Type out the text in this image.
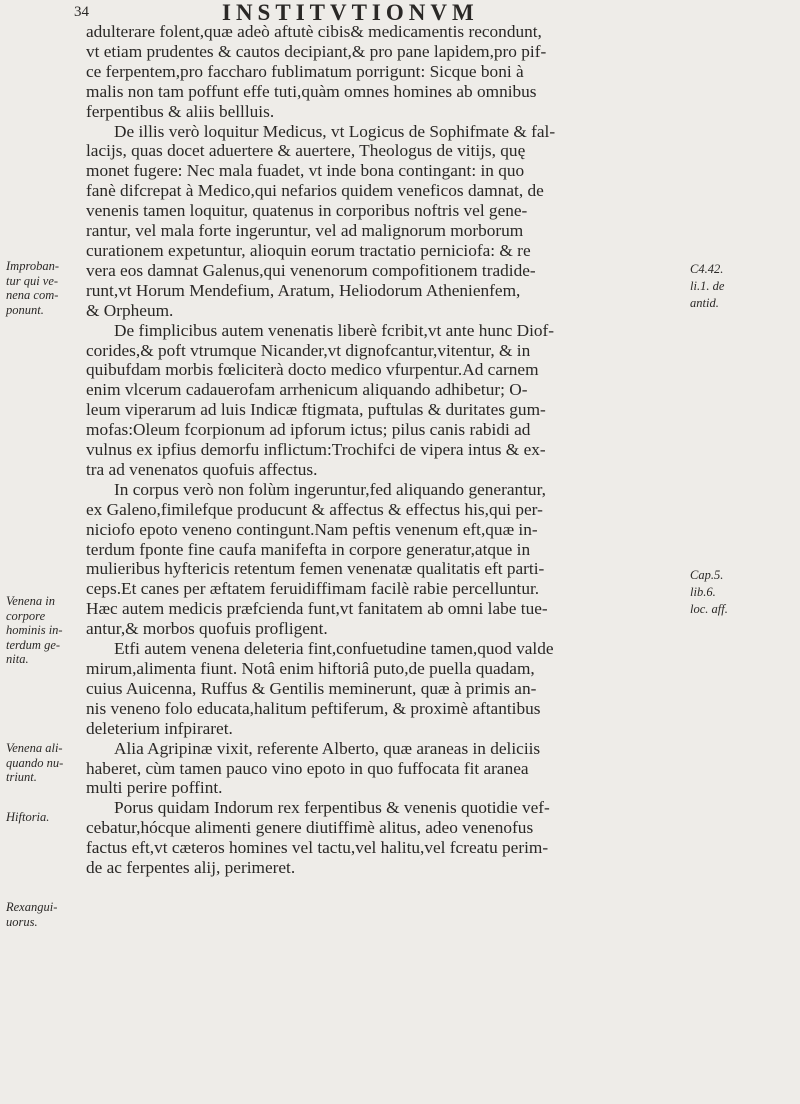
34	INSTITVTIONVM
adulterare folent,quæ adeò aftutè cibis& medicamentis recondunt,
vt etiam prudentes & cautos decipiant,& pro pane lapidem,pro pif-
ce ferpentem,pro faccharo fublimatum porrigunt: Sicque boni à
malis non tam poffunt effe tuti,quàm omnes homines ab omnibus
ferpentibus & aliis bellluis.
De illis verò loquitur Medicus, vt Logicus de Sophifmate & fal-
lacijs, quas docet aduertere & auertere, Theologus de vitijs, quę
monet fugere: Nec mala fuadet, vt inde bona contingant: in quo
fanè difcrepat à Medico,qui nefarios quidem veneficos damnat, de
venenis tamen loquitur, quatenus in corporibus noftris vel gene-
rantur, vel mala forte ingeruntur, vel ad malignorum morborum
curationem expetuntur, alioquin eorum tractatio perniciofa: & re
vera eos damnat Galenus,qui venenorum compofitionem tradide-
runt,vt Horum Mendefium, Aratum, Heliodorum Athenienfem,
& Orpheum.
De fimplicibus autem venenatis liberè fcribit,vt ante hunc Diof-
corides,& poft vtrumque Nicander,vt dignofcantur,vitentur, & in
quibufdam morbis fœliciterà docto medico vfurpentur.Ad carnem
enim vlcerum cadauerofam arrhenicum aliquando adhibetur; O-
leum viperarum ad luis Indicæ ftigmata, puftulas & duritates gum-
mofas:Oleum fcorpionum ad ipforum ictus; pilus canis rabidi ad
vulnus ex ipfius demorfu inflictum:Trochifci de vipera intus & ex-
tra ad venenatos quofuis affectus.
In corpus verò non folùm ingeruntur,fed aliquando generantur,
ex Galeno,fimilefque producunt & affectus & effectus his,qui per-
niciofo epoto veneno contingunt.Nam peftis venenum eft,quæ in-
terdum fponte fine caufa manifefta in corpore generatur,atque in
mulieribus hyftericis retentum femen venenatæ qualitatis eft parti-
ceps.Et canes per æftatem feruidiffimam facilè rabie percelluntur.
Hæc autem medicis præfcienda funt,vt fanitatem ab omni labe tue-
antur,& morbos quofuis profligent.
Etfi autem venena deleteria fint,confuetudine tamen,quod valde
mirum,alimenta fiunt. Notâ enim hiftoriâ puto,de puella quadam,
cuius Auicenna, Ruffus & Gentilis meminerunt, quæ à primis an-
nis veneno folo educata,halitum peftiferum, & proximè aftantibus
deleterium infpiraret.
Alia Agripinæ vixit, referente Alberto, quæ araneas in deliciis
haberet, cùm tamen pauco vino epoto in quo fuffocata fit aranea
multi perire poffint.
Porus quidam Indorum rex ferpentibus & venenis quotidie vef-
cebatur,hócque alimenti genere diutiffimè alitus, adeo venenofus
factus eft,vt cæteros homines vel tactu,vel halitu,vel fcreatu perim-
de ac ferpentes alij, perimeret.
Improban-
tur qui ve-
nena com-
ponunt.
Venena in
corpore
hominis in-
terdum ge-
nita.
Venena ali-
quando nu-
triunt.
Hiftoria.
Rexangui-
uorus.
C4.42.
li.1. de
antid.
Cap.5.
lib.6.
loc. aff.
